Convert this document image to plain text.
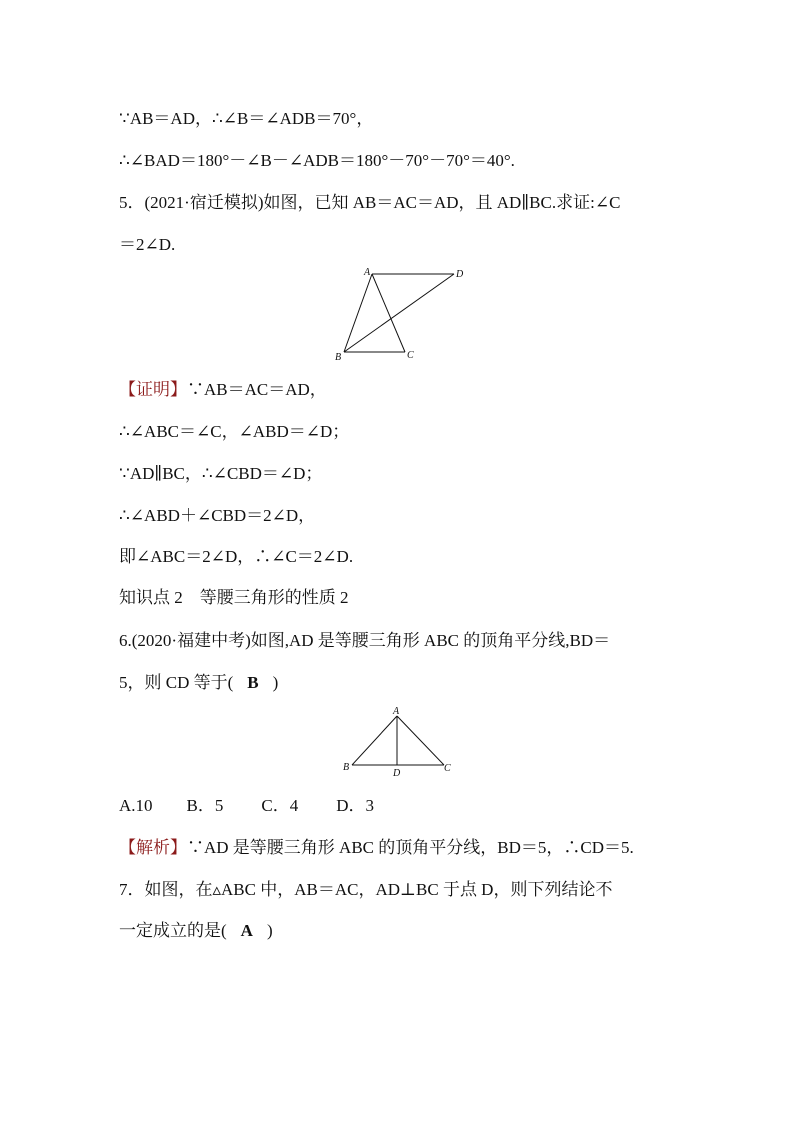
∵AB＝AD，∴∠B＝∠ADB＝70°，
∴∠BAD＝180°－∠B－∠ADB＝180°－70°－70°＝40°.
5．(2021·宿迁模拟)如图，已知 AB＝AC＝AD，且 AD∥BC.求证:∠C
＝2∠D.
A	D
B	C
【证明】∵AB＝AC＝AD，
∴∠ABC＝∠C，∠ABD＝∠D；
∵AD∥BC，∴∠CBD＝∠D；
∴∠ABD＋∠CBD＝2∠D，
即∠ABC＝2∠D，∴∠C＝2∠D.
知识点 2　等腰三角形的性质 2
6.(2020·福建中考)如图,AD 是等腰三角形 ABC 的顶角平分线,BD＝
5，则 CD 等于( B )
A
B
D	C
A.10 B．5 C．4 D．3
【解析】∵AD 是等腰三角形 ABC 的顶角平分线，BD＝5，∴CD＝5.
7．如图，在▵ABC 中，AB＝AC，AD⊥BC 于点 D，则下列结论不
一定成立的是( A )
